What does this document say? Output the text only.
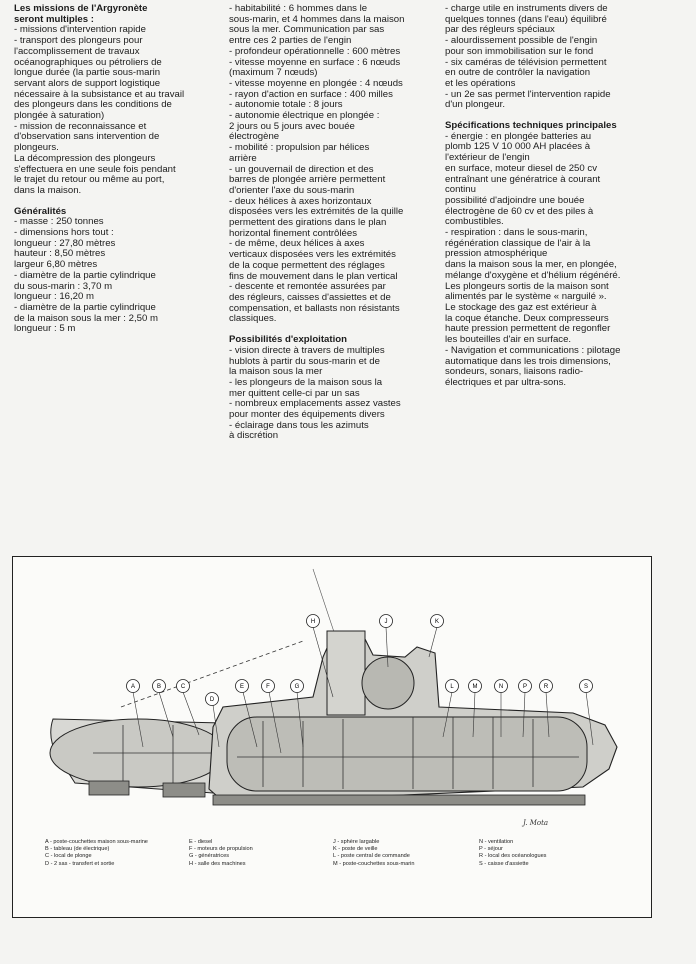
Les missions de l'Argyronète
seront multiples :

- missions d'intervention rapide
- transport des plongeurs pour
l'accomplissement de travaux
océanographiques ou pétroliers de
longue durée (la partie sous-marin
servant alors de support logistique
nécessaire à la subsistance et au travail
des plongeurs dans les conditions de
plongée à saturation)
- mission de reconnaissance et
d'observation sans intervention de
plongeurs.
La décompression des plongeurs
s'effectuera en une seule fois pendant
le trajet du retour ou même au port,
dans la maison.

Généralités

- masse : 250 tonnes
- dimensions hors tout :
longueur : 27,80 mètres
hauteur : 8,50 mètres
largeur 6,80 mètres
- diamètre de la partie cylindrique
du sous-marin : 3,70 m
longueur : 16,20 m
- diamètre de la partie cylindrique
de la maison sous la mer : 2,50 m
longueur : 5 m
- habitabilité : 6 hommes dans le
sous-marin, et 4 hommes dans la maison
sous la mer. Communication par sas
entre ces 2 parties de l'engin
- profondeur opérationnelle : 600 mètres
- vitesse moyenne en surface : 6 nœuds
(maximum 7 nœuds)
- vitesse moyenne en plongée : 4 nœuds
- rayon d'action en surface : 400 milles
- autonomie totale : 8 jours
- autonomie électrique en plongée :
2 jours ou 5 jours avec bouée
électrogène
- mobilité : propulsion par hélices
arrière
- un gouvernail de direction et des
barres de plongée arrière permettent
d'orienter l'axe du sous-marin
- deux hélices à axes horizontaux
disposées vers les extrémités de la quille
permettent des girations dans le plan
horizontal finement contrôlées
- de même, deux hélices à axes
verticaux disposées vers les extrémités
de la coque permettent des réglages
fins de mouvement dans le plan vertical
- descente et remontée assurées par
des régleurs, caisses d'assiettes et de
compensation, et ballasts non résistants
classiques.

Possibilités d'exploitation

- vision directe à travers de multiples
hublots à partir du sous-marin et de
la maison sous la mer
- les plongeurs de la maison sous la
mer quittent celle-ci par un sas
- nombreux emplacements assez vastes
pour monter des équipements divers
- éclairage dans tous les azimuts
à discrétion
- charge utile en instruments divers de
quelques tonnes (dans l'eau) équilibré
par des régleurs spéciaux
- alourdissement possible de l'engin
pour son immobilisation sur le fond
- six caméras de télévision permettent
en outre de contrôler la navigation
et les opérations
- un 2e sas permet l'intervention rapide
d'un plongeur.

Spécifications techniques principales

- énergie : en plongée batteries au
plomb 125 V 10 000 AH placées à
l'extérieur de l'engin
en surface, moteur diesel de 250 cv
entraînant une génératrice à courant
continu
possibilité d'adjoindre une bouée
électrogène de 60 cv et des piles à
combustibles.
- respiration : dans le sous-marin,
régénération classique de l'air à la
pression atmosphérique
dans la maison sous la mer, en plongée,
mélange d'oxygène et d'hélium régénéré.
Les plongeurs sortis de la maison sont
alimentés par le système « narguilé ».
Le stockage des gaz est extérieur à
la coque étanche. Deux compresseurs
haute pression permettent de regonfler
les bouteilles d'air en surface.
- Navigation et communications : pilotage
automatique dans les trois dimensions,
sondeurs, sonars, liaisons radio-
électriques et par ultra-sons.
A	B	C
D
E	F	G
H	J	K
L	M	N	P	R	S
J. Mota
A - poste-couchettes maison sous-marine
B - tableau (de électrique)
C - local de plonge
D - 2 sas - transfert et sortie
E - diesel
F - moteurs de propulsion
G - génératrices
H - salle des machines
J - sphère largable
K - poste de veille
L - poste central de commande
M - poste-couchettes sous-marin
N - ventilation
P - séjour
R - local des océanologues
S - caisse d'assiette
